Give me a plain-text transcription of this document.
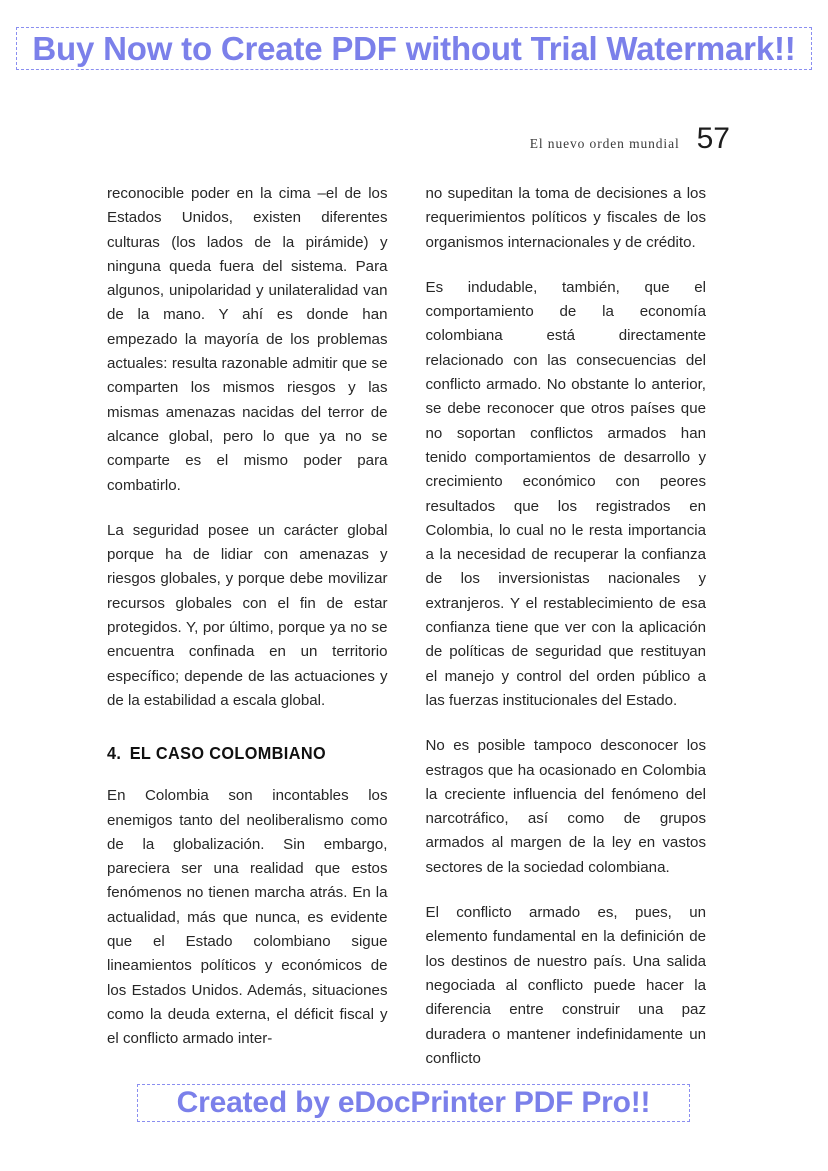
Buy Now to Create PDF without Trial Watermark!!
El nuevo orden mundial 57

reconocible poder en la cima –el de los Estados Unidos, existen diferentes culturas (los lados de la pirámide) y ninguna queda fuera del sistema. Para algunos, unipolaridad y unilateralidad van de la mano. Y ahí es donde han empezado la mayoría de los problemas actuales: resulta razonable admitir que se comparten los mismos riesgos y las mismas amenazas nacidas del terror de alcance global, pero lo que ya no se comparte es el mismo poder para combatirlo.

La seguridad posee un carácter global porque ha de lidiar con amenazas y riesgos globales, y porque debe movilizar recursos globales con el fin de estar protegidos. Y, por último, porque ya no se encuentra confinada en un territorio específico; depende de las actuaciones y de la estabilidad a escala global.

4. EL CASO COLOMBIANO

En Colombia son incontables los enemigos tanto del neoliberalismo como de la globalización. Sin embargo, pareciera ser una realidad que estos fenómenos no tienen marcha atrás. En la actualidad, más que nunca, es evidente que el Estado colombiano sigue lineamientos políticos y económicos de los Estados Unidos. Además, situaciones como la deuda externa, el déficit fiscal y el conflicto armado inter-

no supeditan la toma de decisiones a los requerimientos políticos y fiscales de los organismos internacionales y de crédito.

Es indudable, también, que el comportamiento de la economía colombiana está directamente relacionado con las consecuencias del conflicto armado. No obstante lo anterior, se debe reconocer que otros países que no soportan conflictos armados han tenido comportamientos de desarrollo y crecimiento económico con peores resultados que los registrados en Colombia, lo cual no le resta importancia a la necesidad de recuperar la confianza de los inversionistas nacionales y extranjeros. Y el restablecimiento de esa confianza tiene que ver con la aplicación de políticas de seguridad que restituyan el manejo y control del orden público a las fuerzas institucionales del Estado.

No es posible tampoco desconocer los estragos que ha ocasionado en Colombia la creciente influencia del fenómeno del narcotráfico, así como de grupos armados al margen de la ley en vastos sectores de la sociedad colombiana.

El conflicto armado es, pues, un elemento fundamental en la definición de los destinos de nuestro país. Una salida negociada al conflicto puede hacer la diferencia entre construir una paz duradera o mantener indefinidamente un conflicto

Created by eDocPrinter PDF Pro!!
